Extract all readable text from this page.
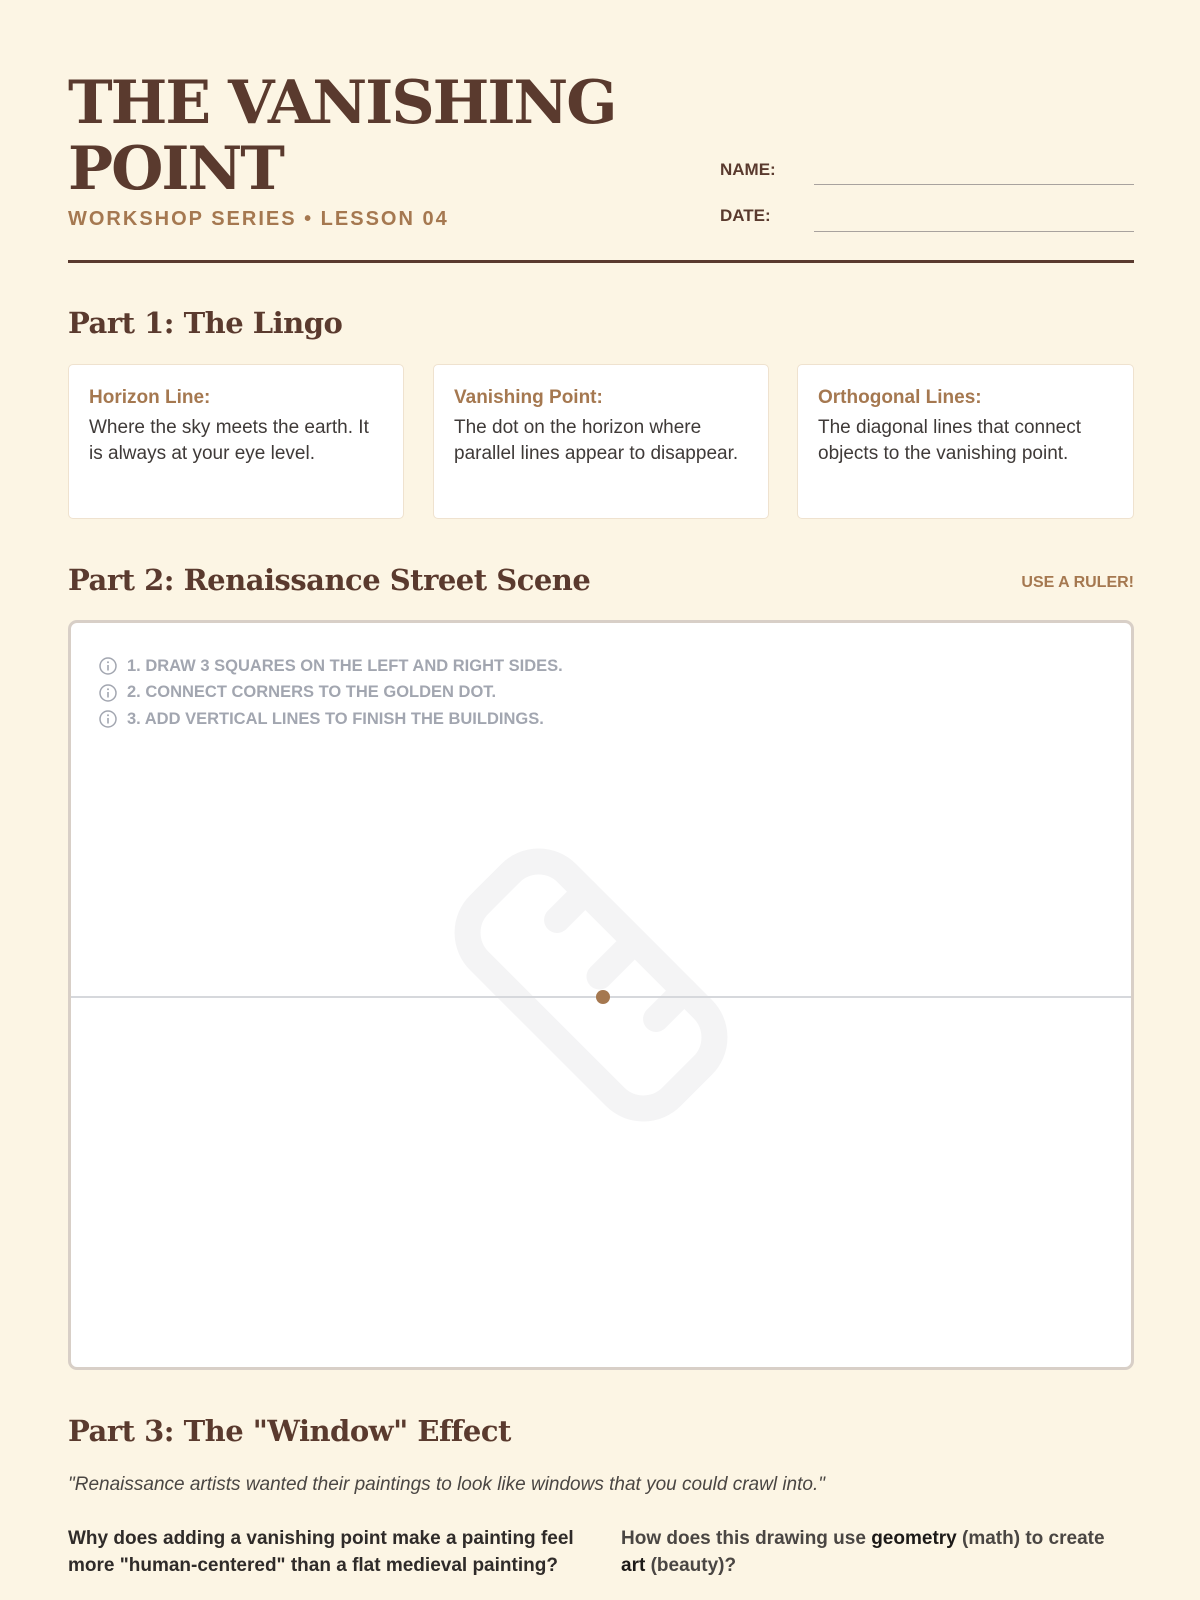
THE VANISHING
POINT
WORKSHOP SERIES • LESSON 04
NAME:
DATE:
Part 1: The Lingo
Horizon Line:
Where the sky meets the earth. It is always at your eye level.
Vanishing Point:
The dot on the horizon where parallel lines appear to disappear.
Orthogonal Lines:
The diagonal lines that connect objects to the vanishing point.
Part 2: Renaissance Street Scene	USE A RULER!
1. DRAW 3 SQUARES ON THE LEFT AND RIGHT SIDES.
2. CONNECT CORNERS TO THE GOLDEN DOT.
3. ADD VERTICAL LINES TO FINISH THE BUILDINGS.
Part 3: The "Window" Effect
"Renaissance artists wanted their paintings to look like windows that you could crawl into."
Why does adding a vanishing point make a painting feel more "human-centered" than a flat medieval painting?
How does this drawing use geometry (math) to create art (beauty)?
